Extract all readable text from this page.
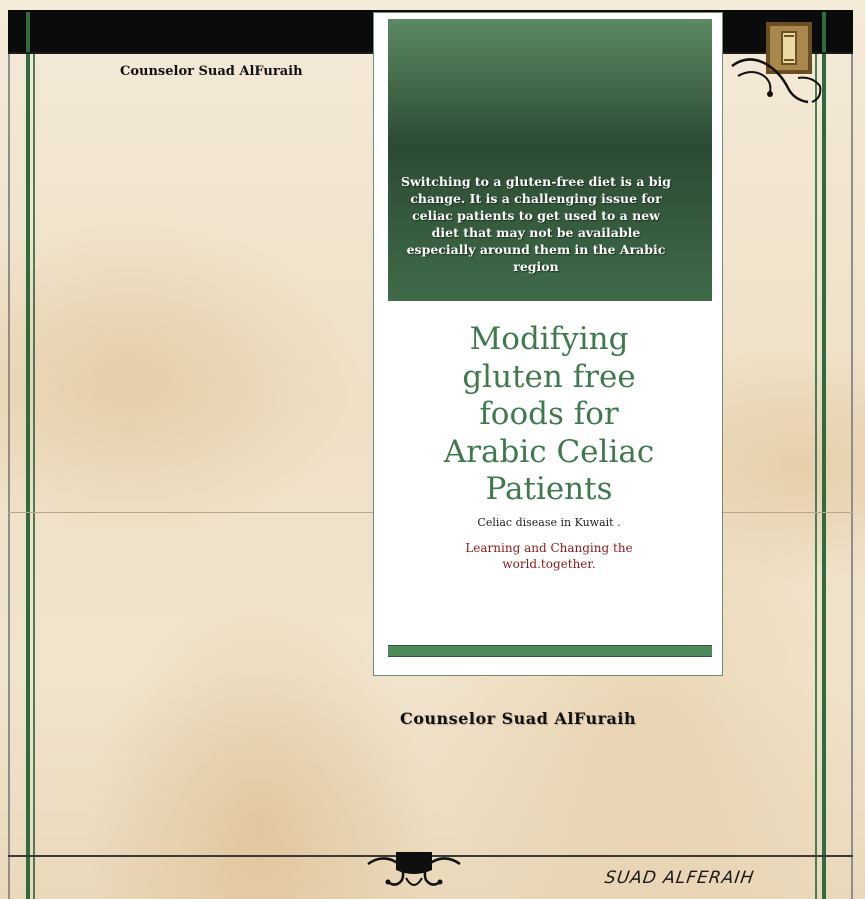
Counselor Suad AlFuraih
Switching to a gluten-free diet is a big change. It is a challenging issue for celiac patients to get used to a new diet that may not be available especially around them in the Arabic region
Modifying
gluten free
foods for
Arabic Celiac
Patients
Celiac disease in Kuwait .
Learning and Changing the
world.together.
Counselor Suad AlFuraih
SUAD ALFERAIH
